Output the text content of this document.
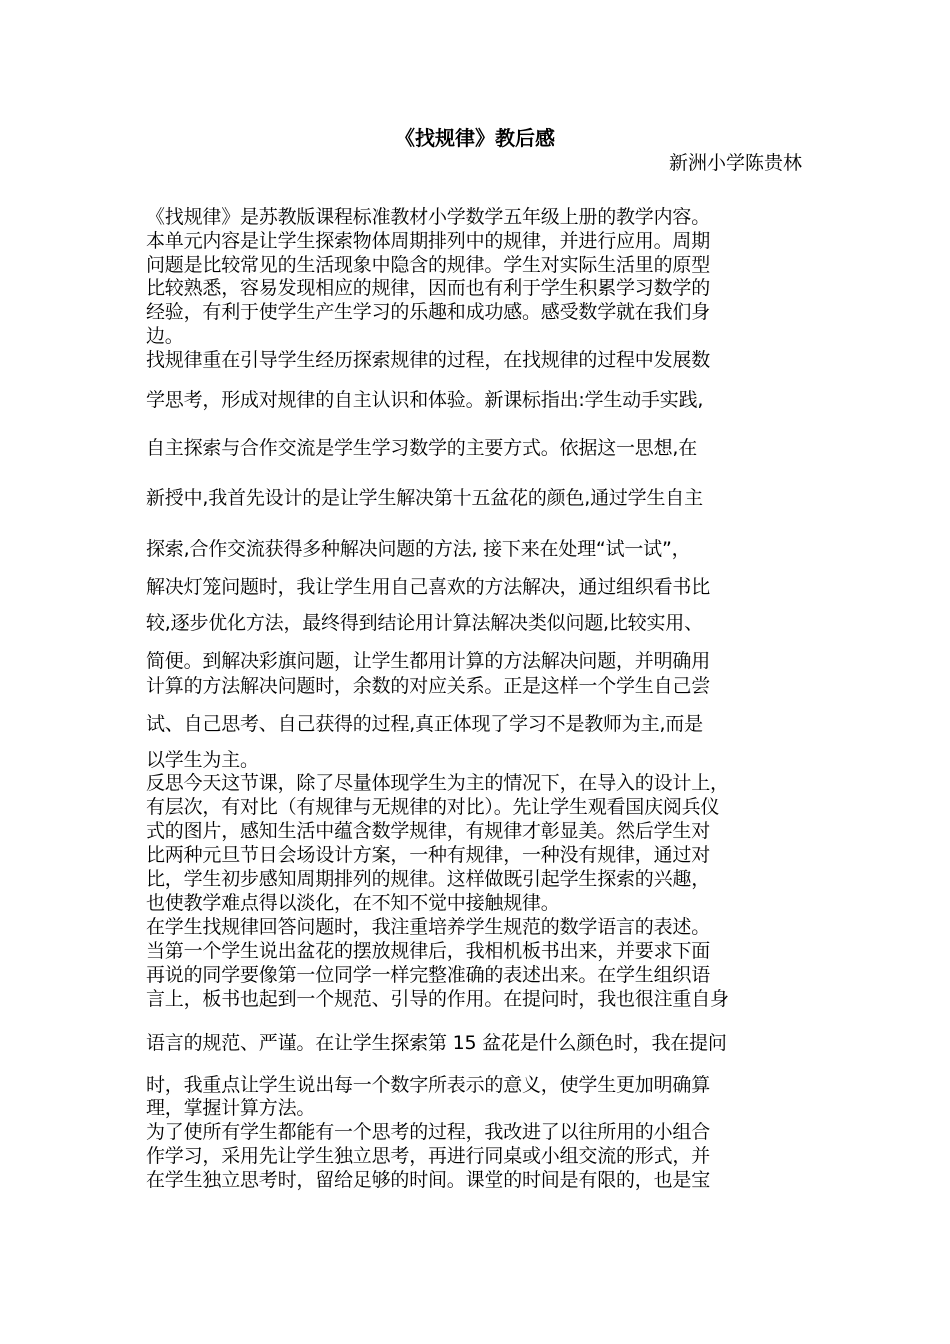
《找规律》教后感
新洲小学陈贵林
《找规律》是苏教版课程标准教材小学数学五年级上册的教学内容。
本单元内容是让学生探索物体周期排列中的规律，并进行应用。周期
问题是比较常见的生活现象中隐含的规律。学生对实际生活里的原型
比较熟悉，容易发现相应的规律，因而也有利于学生积累学习数学的
经验，有利于使学生产生学习的乐趣和成功感。感受数学就在我们身
边。
找规律重在引导学生经历探索规律的过程，在找规律的过程中发展数
学思考，形成对规律的自主认识和体验。新课标指出:学生动手实践,
自主探索与合作交流是学生学习数学的主要方式。依据这一思想,在
新授中,我首先设计的是让学生解决第十五盆花的颜色,通过学生自主
探索,合作交流获得多种解决问题的方法, 接下来在处理“试一试”，
解决灯笼问题时，我让学生用自己喜欢的方法解决，通过组织看书比
较,逐步优化方法，最终得到结论用计算法解决类似问题,比较实用、
简便。到解决彩旗问题，让学生都用计算的方法解决问题，并明确用
计算的方法解决问题时，余数的对应关系。正是这样一个学生自己尝
试、自己思考、自己获得的过程,真正体现了学习不是教师为主,而是
以学生为主。
反思今天这节课，除了尽量体现学生为主的情况下，在导入的设计上，
有层次，有对比（有规律与无规律的对比）。先让学生观看国庆阅兵仪
式的图片，感知生活中蕴含数学规律，有规律才彰显美。然后学生对
比两种元旦节日会场设计方案，一种有规律，一种没有规律，通过对
比，学生初步感知周期排列的规律。这样做既引起学生探索的兴趣，
也使教学难点得以淡化，在不知不觉中接触规律。
在学生找规律回答问题时，我注重培养学生规范的数学语言的表述。
当第一个学生说出盆花的摆放规律后，我相机板书出来，并要求下面
再说的同学要像第一位同学一样完整准确的表述出来。在学生组织语
言上，板书也起到一个规范、引导的作用。在提问时，我也很注重自身
语言的规范、严谨。在让学生探索第 15 盆花是什么颜色时，我在提问
时，我重点让学生说出每一个数字所表示的意义，使学生更加明确算
理，掌握计算方法。
为了使所有学生都能有一个思考的过程，我改进了以往所用的小组合
作学习，采用先让学生独立思考，再进行同桌或小组交流的形式，并
在学生独立思考时，留给足够的时间。课堂的时间是有限的，也是宝
